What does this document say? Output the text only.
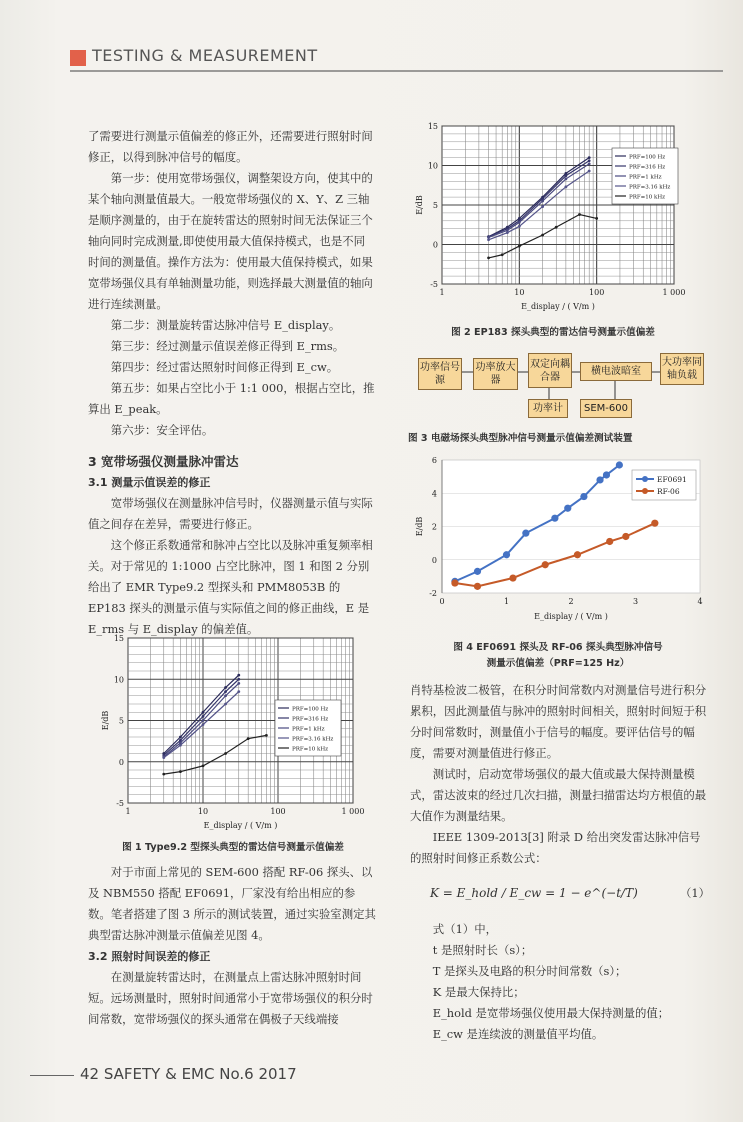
TESTING & MEASUREMENT

了需要进行测量示值偏差的修正外，还需要进行照射时间修正，以得到脉冲信号的幅度。

第一步：使用宽带场强仪，调整架设方向，使其中的某个轴向测量值最大。一般宽带场强仪的 X、Y、Z 三轴是顺序测量的，由于在旋转雷达的照射时间无法保证三个轴向同时完成测量,即使使用最大值保持模式，也是不同时间的测量值。操作方法为：使用最大值保持模式，如果宽带场强仪具有单轴测量功能，则选择最大测量值的轴向进行连续测量。

第二步：测量旋转雷达脉冲信号 E_display。

第三步：经过测量示值误差修正得到 E_rms。

第四步：经过雷达照射时间修正得到 E_cw。

第五步：如果占空比小于 1:1 000，根据占空比，推算出 E_peak。

第六步：安全评估。

3 宽带场强仪测量脉冲雷达

3.1 测量示值误差的修正

宽带场强仪在测量脉冲信号时，仪器测量示值与实际值之间存在差异，需要进行修正。

这个修正系数通常和脉冲占空比以及脉冲重复频率相关。对于常见的 1:1000 占空比脉冲，图 1 和图 2 分别给出了 EMR Type9.2 型探头和 PMM8053B 的 EP183 探头的测量示值与实际值之间的修正曲线，E 是 E_rms 与 E_display 的偏差值。

1	10	100	1 000
-5
0
5
10
15
E_display / ( V/m )
E/dB
PRF=100 Hz
PRF=316 Hz
PRF=1 kHz
PRF=3.16 kHz
PRF=10 kHz
图 1 Type9.2 型探头典型的雷达信号测量示值偏差

对于市面上常见的 SEM-600 搭配 RF-06 探头、以及 NBM550 搭配 EF0691，厂家没有给出相应的参数。笔者搭建了图 3 所示的测试装置，通过实验室测定其典型雷达脉冲测量示值偏差见图 4。

3.2 照射时间误差的修正

在测量旋转雷达时，在测量点上雷达脉冲照射时间短。远场测量时，照射时间通常小于宽带场强仪的积分时间常数，宽带场强仪的探头通常在偶极子天线端接

1	10	100	1 000
-5
0
5
10
15
E_display / ( V/m )
E/dB
PRF=100 Hz
PRF=316 Hz
PRF=1 kHz
PRF=3.16 kHz
PRF=10 kHz
图 2 EP183 探头典型的雷达信号测量示值偏差
功率信号源
功率放大器
双定向耦合器	横电波暗室
大功率同轴负载
功率计	SEM-600
图 3 电磁场探头典型脉冲信号测量示值偏差测试装置
0	1	2	3	4
-2
0
2
4
6
E_display / ( V/m )
E/dB
EF0691
RF-06
图 4 EF0691 探头及 RF-06 探头典型脉冲信号
测量示值偏差（PRF=125 Hz）

肖特基检波二极管，在积分时间常数内对测量信号进行积分累积，因此测量值与脉冲的照射时间相关，照射时间短于积分时间常数时，测量值小于信号的幅度。要评估信号的幅度，需要对测量值进行修正。

测试时，启动宽带场强仪的最大值或最大保持测量模式，雷达波束的经过几次扫描，测量扫描雷达均方根值的最大值作为测量结果。

IEEE 1309-2013[3] 附录 D 给出突发雷达脉冲信号的照射时间修正系数公式：

K = E_hold / E_cw = 1 − e^(−t/T)	（1）

式（1）中，

t 是照射时长（s）；

T 是探头及电路的积分时间常数（s）；

K 是最大保持比；

E_hold 是宽带场强仪使用最大保持测量的值；

E_cw 是连续波的测量值平均值。

42 SAFETY & EMC No.6 2017
